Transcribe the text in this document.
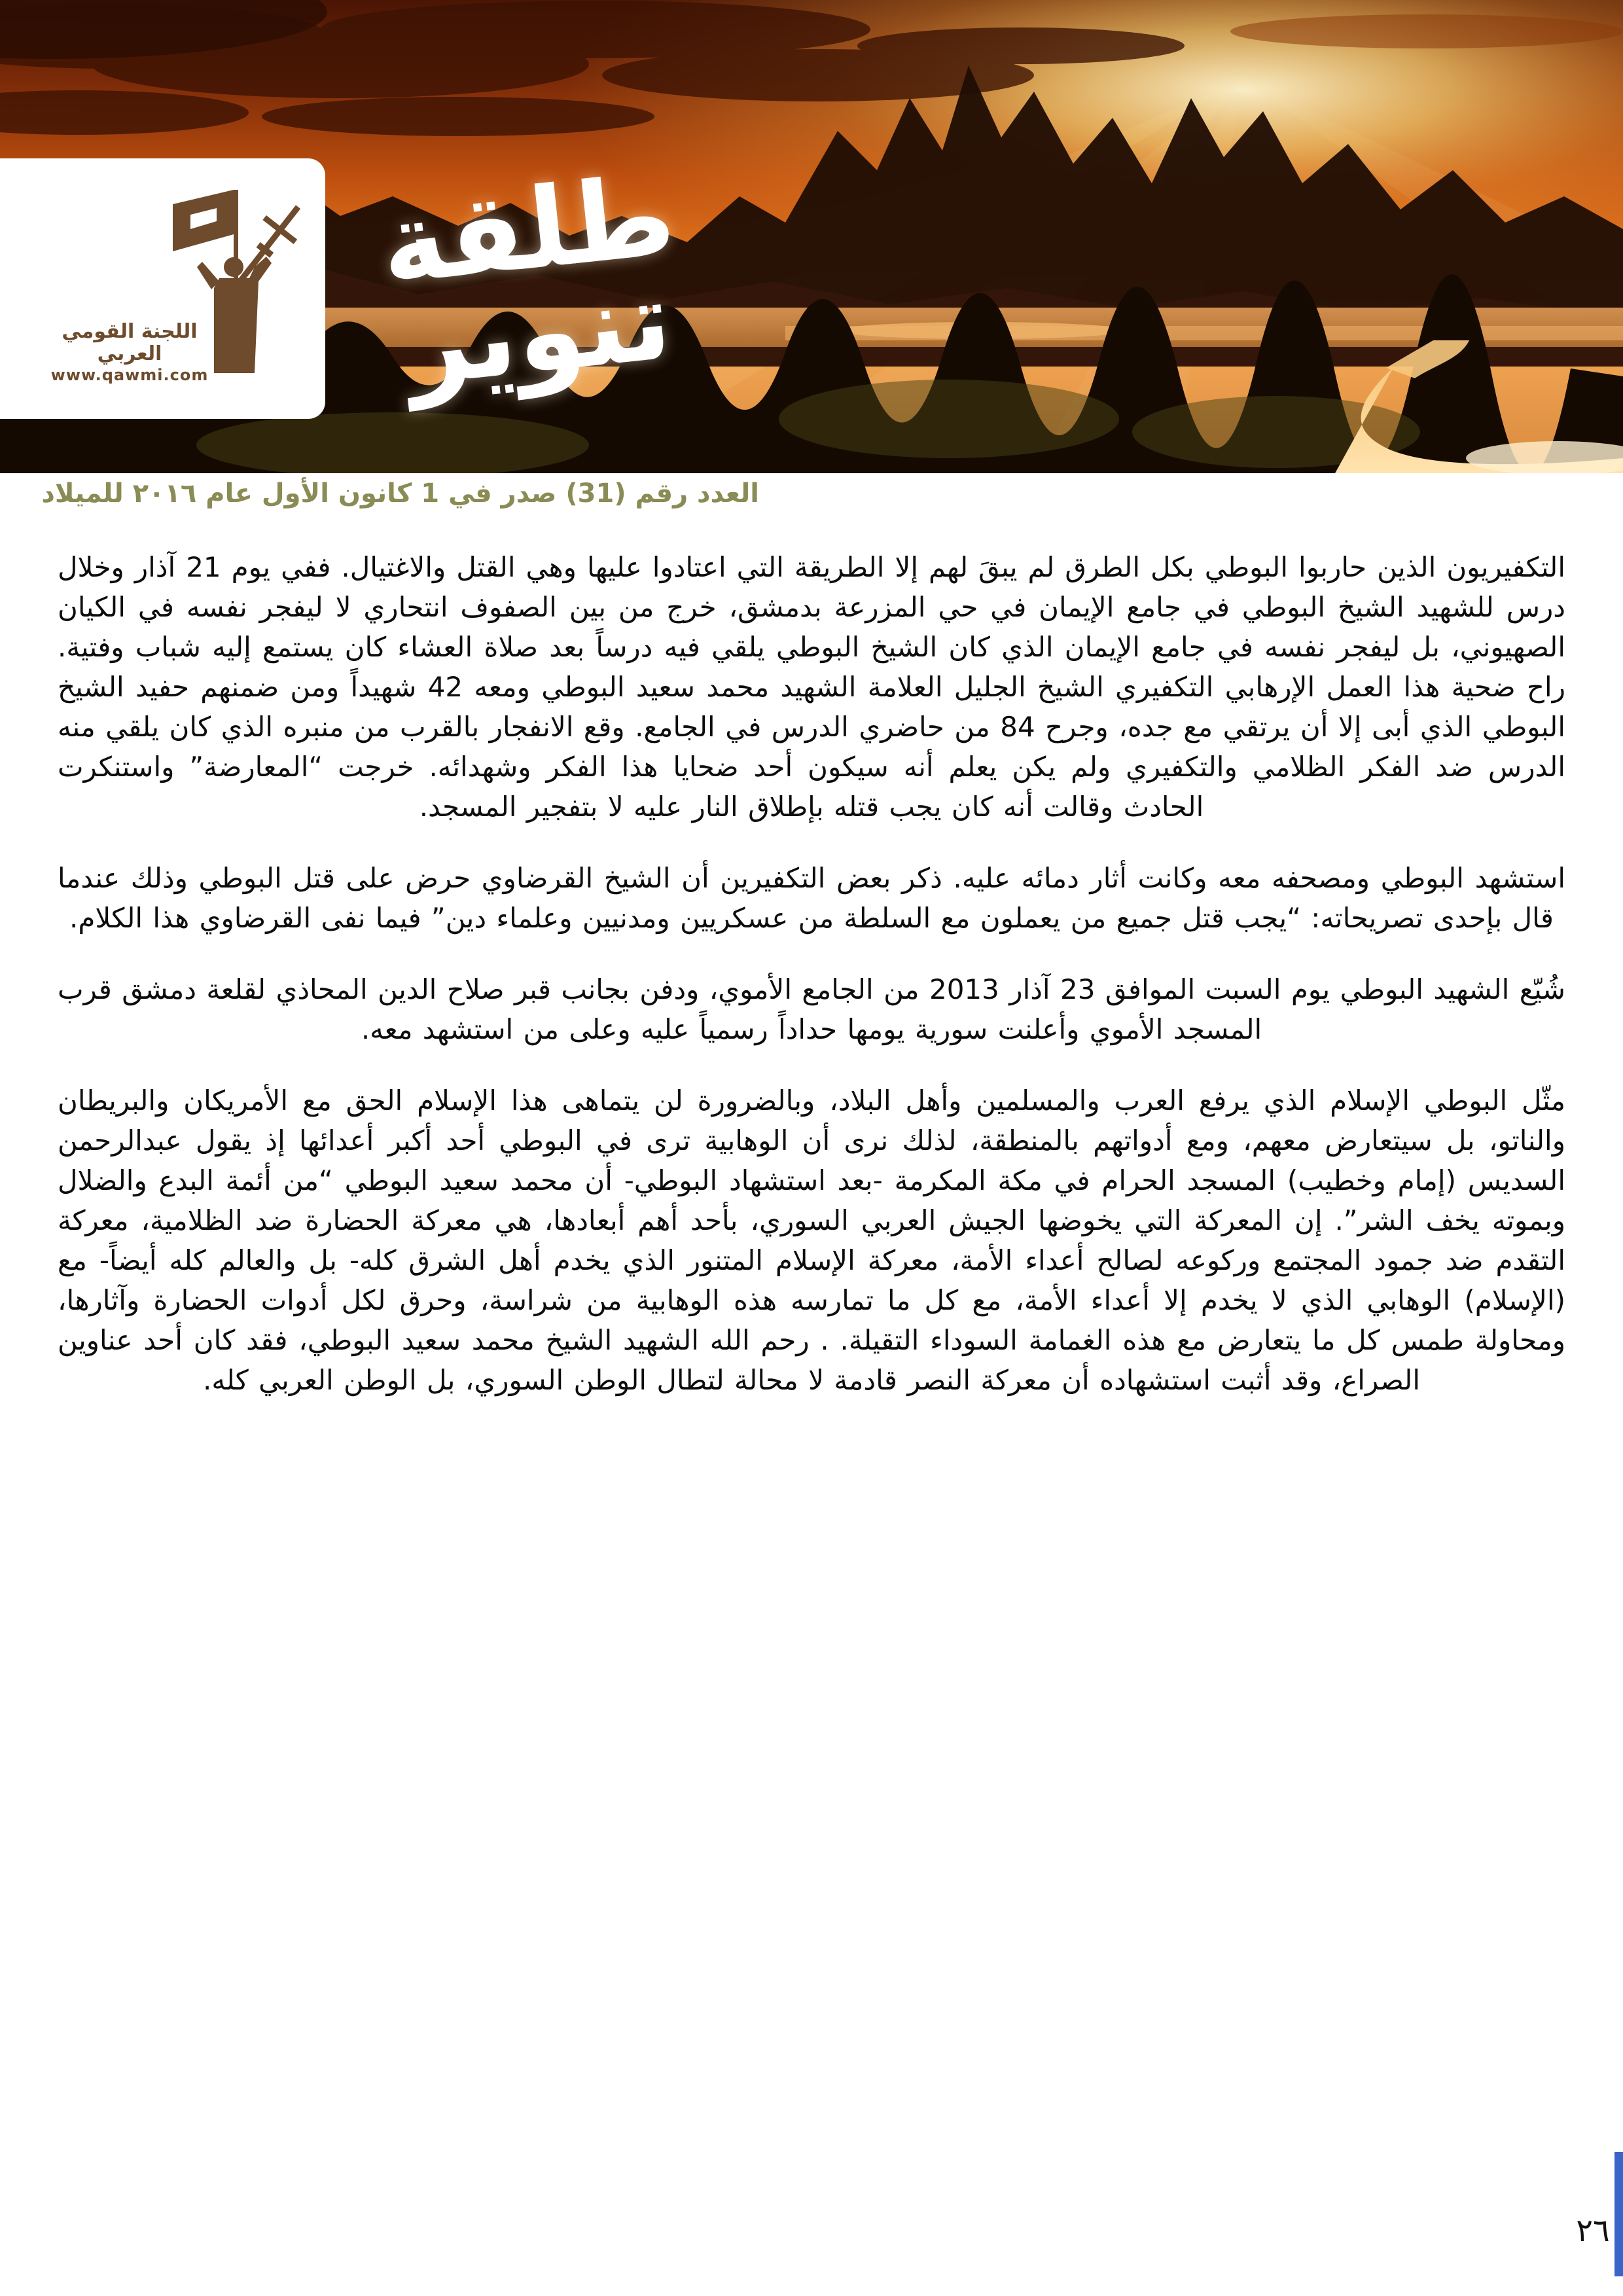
اللجنة القومي العربي
www.qawmi.com
طلقة تنوير
العدد رقم (31) صدر في 1 كانون الأول عام ٢٠١٦ للميلاد

التكفيريون الذين حاربوا البوطي بكل الطرق لم يبقَ لهم إلا الطريقة التي اعتادوا عليها وهي القتل والاغتيال. ففي يوم 21 آذار وخلال درس للشهيد الشيخ البوطي في جامع الإيمان في حي المزرعة بدمشق، خرج من بين الصفوف انتحاري لا ليفجر نفسه في الكيان الصهيوني، بل ليفجر نفسه في جامع الإيمان الذي كان الشيخ البوطي يلقي فيه درساً بعد صلاة العشاء كان يستمع إليه شباب وفتية. راح ضحية هذا العمل الإرهابي التكفيري الشيخ الجليل العلامة الشهيد محمد سعيد البوطي ومعه 42 شهيداً ومن ضمنهم حفيد الشيخ البوطي الذي أبى إلا أن يرتقي مع جده، وجرح 84 من حاضري الدرس في الجامع. وقع الانفجار بالقرب من منبره الذي كان يلقي منه الدرس ضد الفكر الظلامي والتكفيري ولم يكن يعلم أنه سيكون أحد ضحايا هذا الفكر وشهدائه. خرجت “المعارضة” واستنكرت الحادث وقالت أنه كان يجب قتله بإطلاق النار عليه لا بتفجير المسجد.

استشهد البوطي ومصحفه معه وكانت أثار دمائه عليه. ذكر بعض التكفيرين أن الشيخ القرضاوي حرض على قتل البوطي وذلك عندما قال بإحدى تصريحاته: “يجب قتل جميع من يعملون مع السلطة من عسكريين ومدنيين وعلماء دين” فيما نفى القرضاوي هذا الكلام.

شُيّع الشهيد البوطي يوم السبت الموافق 23 آذار 2013 من الجامع الأموي، ودفن بجانب قبر صلاح الدين المحاذي لقلعة دمشق قرب المسجد الأموي وأعلنت سورية يومها حداداً رسمياً عليه وعلى من استشهد معه.

مثّل البوطي الإسلام الذي يرفع العرب والمسلمين وأهل البلاد، وبالضرورة لن يتماهى هذا الإسلام الحق مع الأمريكان والبريطان والناتو، بل سيتعارض معهم، ومع أدواتهم بالمنطقة، لذلك نرى أن الوهابية ترى في البوطي أحد أكبر أعدائها إذ يقول عبدالرحمن السديس (إمام وخطيب) المسجد الحرام في مكة المكرمة -بعد استشهاد البوطي- أن محمد سعيد البوطي “من أئمة البدع والضلال وبموته يخف الشر”. إن المعركة التي يخوضها الجيش العربي السوري، بأحد أهم أبعادها، هي معركة الحضارة ضد الظلامية، معركة التقدم ضد جمود المجتمع وركوعه لصالح أعداء الأمة، معركة الإسلام المتنور الذي يخدم أهل الشرق كله- بل والعالم كله أيضاً- مع (الإسلام) الوهابي الذي لا يخدم إلا أعداء الأمة، مع كل ما تمارسه هذه الوهابية من شراسة، وحرق لكل أدوات الحضارة وآثارها، ومحاولة طمس كل ما يتعارض مع هذه الغمامة السوداء التقيلة. . رحم الله الشهيد الشيخ محمد سعيد البوطي، فقد كان أحد عناوين الصراع، وقد أثبت استشهاده أن معركة النصر قادمة لا محالة لتطال الوطن السوري، بل الوطن العربي كله.

٢٦
